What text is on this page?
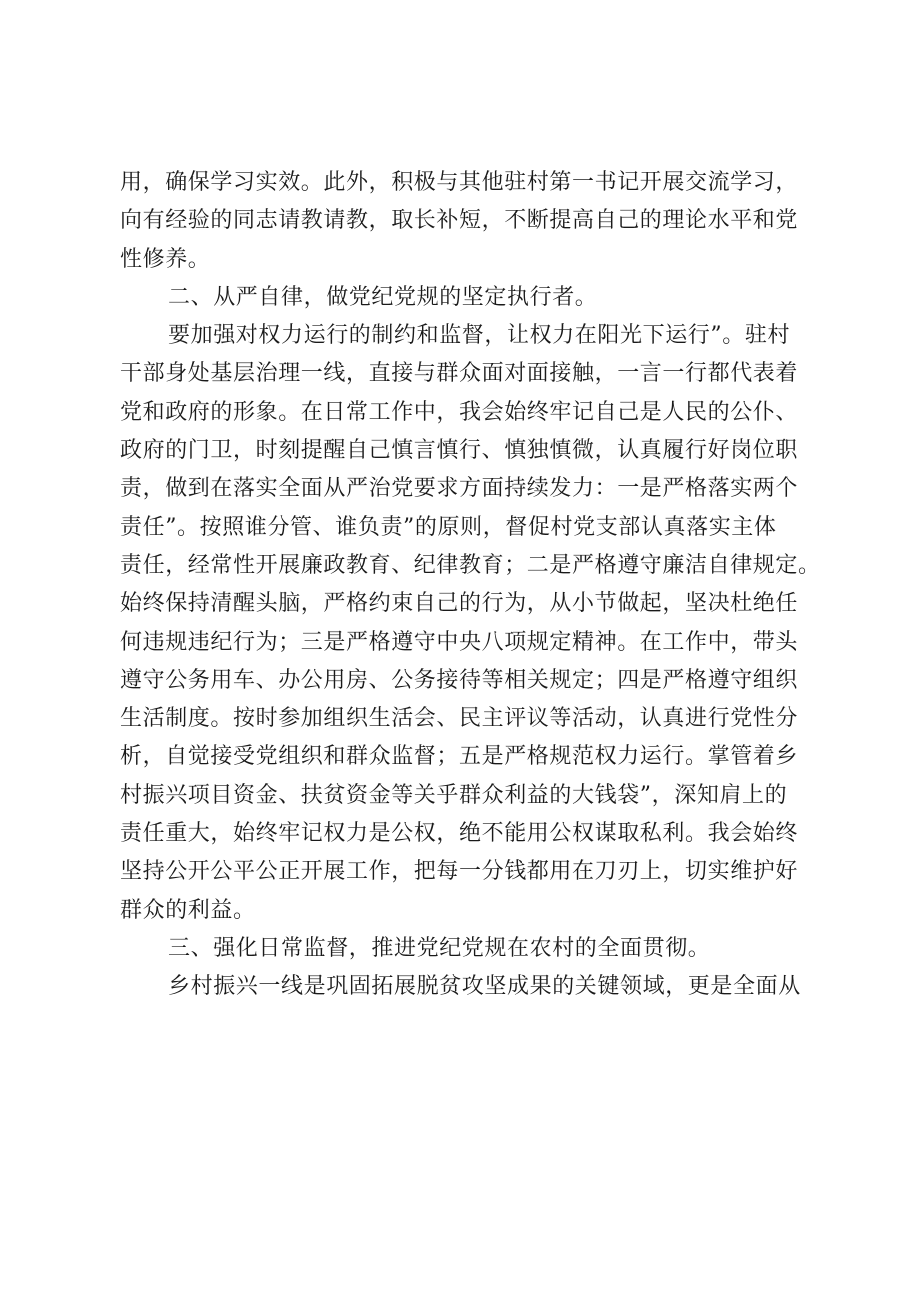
用，确保学习实效。此外，积极与其他驻村第一书记开展交流学习，
向有经验的同志请教请教，取长补短，不断提高自己的理论水平和党
性修养。
二、从严自律，做党纪党规的坚定执行者。
要加强对权力运行的制约和监督，让权力在阳光下运行”。驻村
干部身处基层治理一线，直接与群众面对面接触，一言一行都代表着
党和政府的形象。在日常工作中，我会始终牢记自己是人民的公仆、
政府的门卫，时刻提醒自己慎言慎行、慎独慎微，认真履行好岗位职
责，做到在落实全面从严治党要求方面持续发力：一是严格落实两个
责任”。按照谁分管、谁负责”的原则，督促村党支部认真落实主体
责任，经常性开展廉政教育、纪律教育；二是严格遵守廉洁自律规定。
始终保持清醒头脑，严格约束自己的行为，从小节做起，坚决杜绝任
何违规违纪行为；三是严格遵守中央八项规定精神。在工作中，带头
遵守公务用车、办公用房、公务接待等相关规定；四是严格遵守组织
生活制度。按时参加组织生活会、民主评议等活动，认真进行党性分
析，自觉接受党组织和群众监督；五是严格规范权力运行。掌管着乡
村振兴项目资金、扶贫资金等关乎群众利益的大钱袋”，深知肩上的
责任重大，始终牢记权力是公权，绝不能用公权谋取私利。我会始终
坚持公开公平公正开展工作，把每一分钱都用在刀刃上，切实维护好
群众的利益。
三、强化日常监督，推进党纪党规在农村的全面贯彻。
乡村振兴一线是巩固拓展脱贫攻坚成果的关键领域，更是全面从
